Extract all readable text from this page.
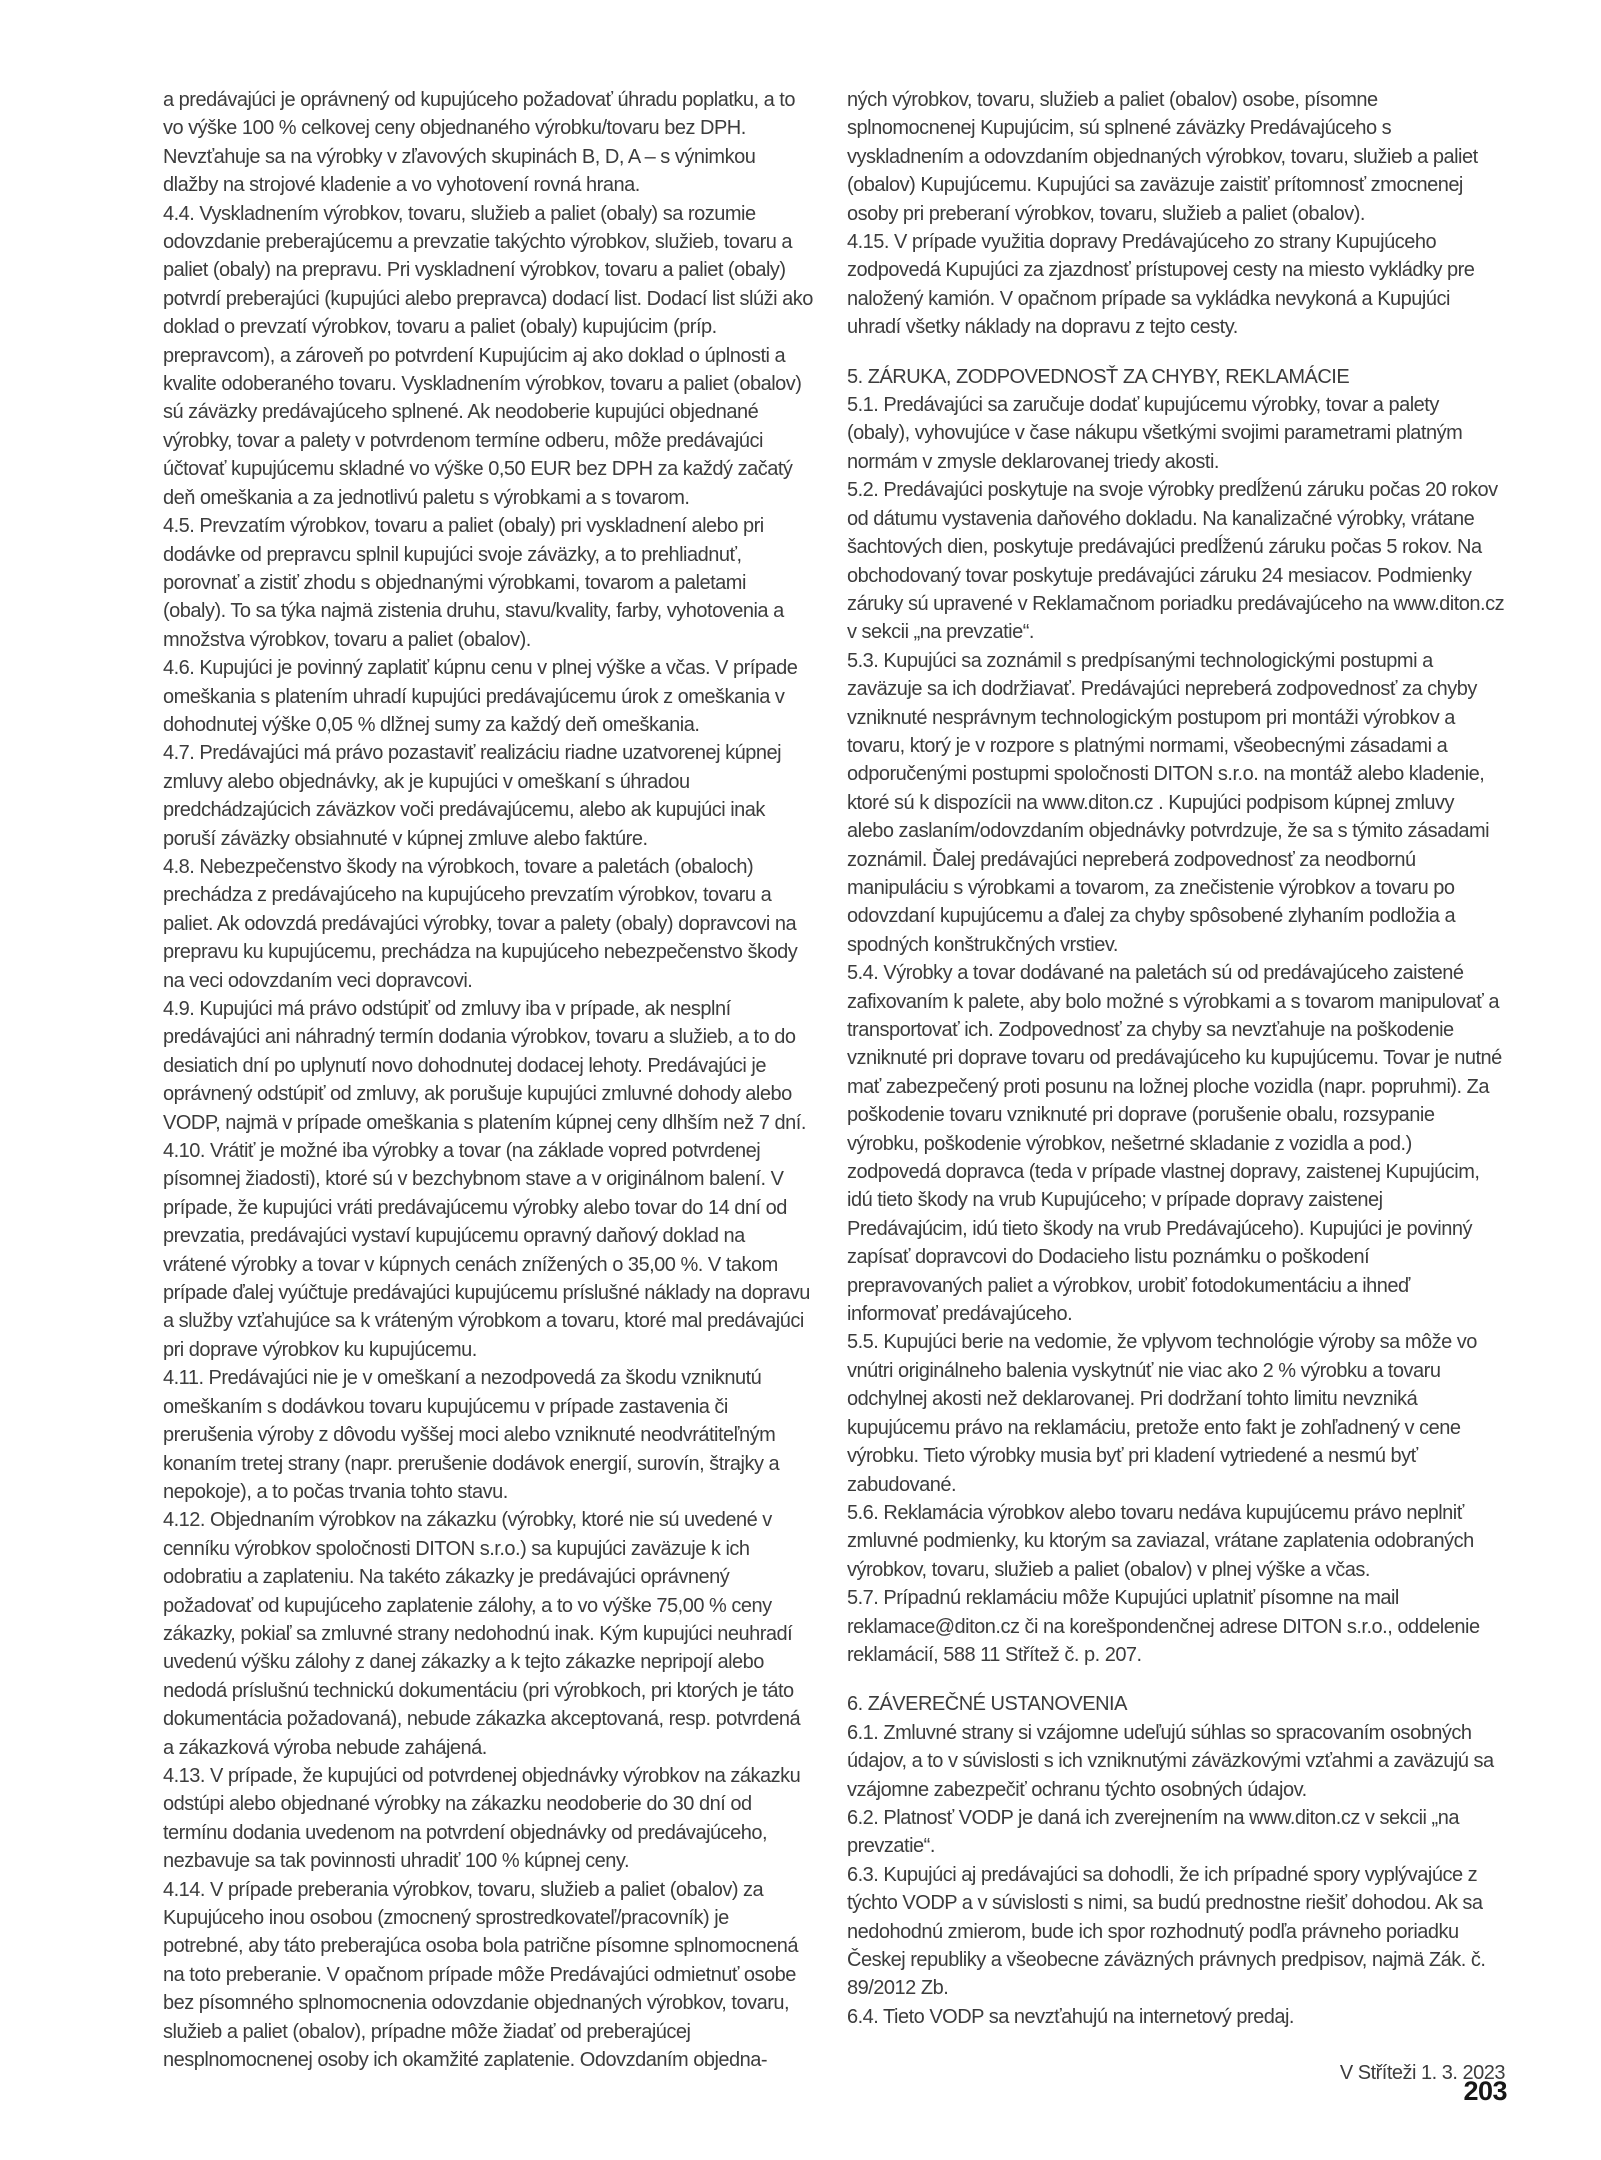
a predávajúci je oprávnený od kupujúceho požadovať úhradu poplatku, a to vo výške 100 % celkovej ceny objednaného výrobku/tovaru bez DPH. Nevzťahuje sa na výrobky v zľavových skupinách B, D, A – s výnimkou dlažby na strojové kladenie a vo vyhotovení rovná hrana.

4.4. Vyskladnením výrobkov, tovaru, služieb a paliet (obaly) sa rozumie odovzdanie preberajúcemu a prevzatie takýchto výrobkov, služieb, tovaru a paliet (obaly) na prepravu. Pri vyskladnení výrobkov, tovaru a paliet (obaly) potvrdí preberajúci (kupujúci alebo prepravca) dodací list. Dodací list slúži ako doklad o prevzatí výrobkov, tovaru a paliet (obaly) kupujúcim (príp. prepravcom), a zároveň po potvrdení Kupujúcim aj ako doklad o úplnosti a kvalite odoberaného tovaru. Vyskladnením výrobkov, tovaru a paliet (obalov) sú záväzky predávajúceho splnené. Ak neodoberie kupujúci objednané výrobky, tovar a palety v potvrdenom termíne odberu, môže predávajúci účtovať kupujúcemu skladné vo výške 0,50 EUR bez DPH za každý začatý deň omeškania a za jednotlivú paletu s výrobkami a s tovarom.

4.5. Prevzatím výrobkov, tovaru a paliet (obaly) pri vyskladnení alebo pri dodávke od prepravcu splnil kupujúci svoje záväzky, a to prehliadnuť, porovnať a zistiť zhodu s objednanými výrobkami, tovarom a paletami (obaly). To sa týka najmä zistenia druhu, stavu/kvality, farby, vyhotovenia a množstva výrobkov, tovaru a paliet (obalov).

4.6. Kupujúci je povinný zaplatiť kúpnu cenu v plnej výške a včas. V prípade omeškania s platením uhradí kupujúci predávajúcemu úrok z omeškania v dohodnutej výške 0,05 % dlžnej sumy za každý deň omeškania.

4.7. Predávajúci má právo pozastaviť realizáciu riadne uzatvorenej kúpnej zmluvy alebo objednávky, ak je kupujúci v omeškaní s úhradou predchádzajúcich záväzkov voči predávajúcemu, alebo ak kupujúci inak poruší záväzky obsiahnuté v kúpnej zmluve alebo faktúre.

4.8. Nebezpečenstvo škody na výrobkoch, tovare a paletách (obaloch) prechádza z predávajúceho na kupujúceho prevzatím výrobkov, tovaru a paliet. Ak odovzdá predávajúci výrobky, tovar a palety (obaly) dopravcovi na prepravu ku kupujúcemu, prechádza na kupujúceho nebezpečenstvo škody na veci odovzdaním veci dopravcovi.

4.9. Kupujúci má právo odstúpiť od zmluvy iba v prípade, ak nesplní predávajúci ani náhradný termín dodania výrobkov, tovaru a služieb, a to do desiatich dní po uplynutí novo dohodnutej dodacej lehoty. Predávajúci je oprávnený odstúpiť od zmluvy, ak porušuje kupujúci zmluvné dohody alebo VODP, najmä v prípade omeškania s platením kúpnej ceny dlhším než 7 dní.

4.10. Vrátiť je možné iba výrobky a tovar (na základe vopred potvrdenej písomnej žiadosti), ktoré sú v bezchybnom stave a v originálnom balení. V prípade, že kupujúci vráti predávajúcemu výrobky alebo tovar do 14 dní od prevzatia, predávajúci vystaví kupujúcemu opravný daňový doklad na vrátené výrobky a tovar v kúpnych cenách znížených o 35,00 %. V takom prípade ďalej vyúčtuje predávajúci kupujúcemu príslušné náklady na dopravu a služby vzťahujúce sa k vráteným výrobkom a tovaru, ktoré mal predávajúci pri doprave výrobkov ku kupujúcemu.

4.11. Predávajúci nie je v omeškaní a nezodpovedá za škodu vzniknutú omeškaním s dodávkou tovaru kupujúcemu v prípade zastavenia či prerušenia výroby z dôvodu vyššej moci alebo vzniknuté neodvrátiteľným konaním tretej strany (napr. prerušenie dodávok energií, surovín, štrajky a nepokoje), a to počas trvania tohto stavu.

4.12. Objednaním výrobkov na zákazku (výrobky, ktoré nie sú uvedené v cenníku výrobkov spoločnosti DITON s.r.o.) sa kupujúci zaväzuje k ich odobratiu a zaplateniu. Na takéto zákazky je predávajúci oprávnený požadovať od kupujúceho zaplatenie zálohy, a to vo výške 75,00 % ceny zákazky, pokiaľ sa zmluvné strany nedohodnú inak. Kým kupujúci neuhradí uvedenú výšku zálohy z danej zákazky a k tejto zákazke nepripojí alebo nedodá príslušnú technickú dokumentáciu (pri výrobkoch, pri ktorých je táto dokumentácia požadovaná), nebude zákazka akceptovaná, resp. potvrdená a zákazková výroba nebude zahájená.

4.13. V prípade, že kupujúci od potvrdenej objednávky výrobkov na zákazku odstúpi alebo objednané výrobky na zákazku neodoberie do 30 dní od termínu dodania uvedenom na potvrdení objednávky od predávajúceho, nezbavuje sa tak povinnosti uhradiť 100 % kúpnej ceny.

4.14. V prípade preberania výrobkov, tovaru, služieb a paliet (obalov) za Kupujúceho inou osobou (zmocnený sprostredkovateľ/pracovník) je potrebné, aby táto preberajúca osoba bola patrične písomne splnomocnená na toto preberanie. V opačnom prípade môže Predávajúci odmietnuť osobe bez písomného splnomocnenia odovzdanie objednaných výrobkov, tovaru, služieb a paliet (obalov), prípadne môže žiadať od preberajúcej nesplnomocnenej osoby ich okamžité zaplatenie. Odovzdaním objedna-

ných výrobkov, tovaru, služieb a paliet (obalov) osobe, písomne splnomocnenej Kupujúcim, sú splnené záväzky Predávajúceho s vyskladnením a odovzdaním objednaných výrobkov, tovaru, služieb a paliet (obalov) Kupujúcemu. Kupujúci sa zaväzuje zaistiť prítomnosť zmocnenej osoby pri preberaní výrobkov, tovaru, služieb a paliet (obalov).

4.15. V prípade využitia dopravy Predávajúceho zo strany Kupujúceho zodpovedá Kupujúci za zjazdnosť prístupovej cesty na miesto vykládky pre naložený kamión. V opačnom prípade sa vykládka nevykoná a Kupujúci uhradí všetky náklady na dopravu z tejto cesty.

5. ZÁRUKA, ZODPOVEDNOSŤ ZA CHYBY, REKLAMÁCIE

5.1. Predávajúci sa zaručuje dodať kupujúcemu výrobky, tovar a palety (obaly), vyhovujúce v čase nákupu všetkými svojimi parametrami platným normám v zmysle deklarovanej triedy akosti.

5.2. Predávajúci poskytuje na svoje výrobky predĺženú záruku počas 20 rokov od dátumu vystavenia daňového dokladu. Na kanalizačné výrobky, vrátane šachtových dien, poskytuje predávajúci predĺženú záruku počas 5 rokov. Na obchodovaný tovar poskytuje predávajúci záruku 24 mesiacov. Podmienky záruky sú upravené v Reklamačnom poriadku predávajúceho na www.diton.cz v sekcii „na prevzatie“.

5.3. Kupujúci sa zoznámil s predpísanými technologickými postupmi a zaväzuje sa ich dodržiavať. Predávajúci nepreberá zodpovednosť za chyby vzniknuté nesprávnym technologickým postupom pri montáži výrobkov a tovaru, ktorý je v rozpore s platnými normami, všeobecnými zásadami a odporučenými postupmi spoločnosti DITON s.r.o. na montáž alebo kladenie, ktoré sú k dispozícii na www.diton.cz . Kupujúci podpisom kúpnej zmluvy alebo zaslaním/odovzdaním objednávky potvrdzuje, že sa s týmito zásadami zoznámil. Ďalej predávajúci nepreberá zodpovednosť za neodbornú manipuláciu s výrobkami a tovarom, za znečistenie výrobkov a tovaru po odovzdaní kupujúcemu a ďalej za chyby spôsobené zlyhaním podložia a spodných konštrukčných vrstiev.

5.4. Výrobky a tovar dodávané na paletách sú od predávajúceho zaistené zafixovaním k palete, aby bolo možné s výrobkami a s tovarom manipulovať a transportovať ich. Zodpovednosť za chyby sa nevzťahuje na poškodenie vzniknuté pri doprave tovaru od predávajúceho ku kupujúcemu. Tovar je nutné mať zabezpečený proti posunu na ložnej ploche vozidla (napr. popruhmi). Za poškodenie tovaru vzniknuté pri doprave (porušenie obalu, rozsypanie výrobku, poškodenie výrobkov, nešetrné skladanie z vozidla a pod.) zodpovedá dopravca (teda v prípade vlastnej dopravy, zaistenej Kupujúcim, idú tieto škody na vrub Kupujúceho; v prípade dopravy zaistenej Predávajúcim, idú tieto škody na vrub Predávajúceho). Kupujúci je povinný zapísať dopravcovi do Dodacieho listu poznámku o poškodení prepravovaných paliet a výrobkov, urobiť fotodokumentáciu a ihneď informovať predávajúceho.

5.5. Kupujúci berie na vedomie, že vplyvom technológie výroby sa môže vo vnútri originálneho balenia vyskytnúť nie viac ako 2 % výrobku a tovaru odchylnej akosti než deklarovanej. Pri dodržaní tohto limitu nevzniká kupujúcemu právo na reklamáciu, pretože ento fakt je zohľadnený v cene výrobku. Tieto výrobky musia byť pri kladení vytriedené a nesmú byť zabudované.

5.6. Reklamácia výrobkov alebo tovaru nedáva kupujúcemu právo neplniť zmluvné podmienky, ku ktorým sa zaviazal, vrátane zaplatenia odobraných výrobkov, tovaru, služieb a paliet (obalov) v plnej výške a včas.

5.7. Prípadnú reklamáciu môže Kupujúci uplatniť písomne na mail reklamace@diton.cz či na korešpondenčnej adrese DITON s.r.o., oddelenie reklamácií, 588 11 Střítež č. p. 207.

6. ZÁVEREČNÉ USTANOVENIA

6.1. Zmluvné strany si vzájomne udeľujú súhlas so spracovaním osobných údajov, a to v súvislosti s ich vzniknutými záväzkovými vzťahmi a zaväzujú sa vzájomne zabezpečiť ochranu týchto osobných údajov.

6.2. Platnosť VODP je daná ich zverejnením na www.diton.cz v sekcii „na prevzatie“.

6.3. Kupujúci aj predávajúci sa dohodli, že ich prípadné spory vyplývajúce z týchto VODP a v súvislosti s nimi, sa budú prednostne riešiť dohodou. Ak sa nedohodnú zmierom, bude ich spor rozhodnutý podľa právneho poriadku Českej republiky a všeobecne záväzných právnych predpisov, najmä Zák. č. 89/2012 Zb.

6.4. Tieto VODP sa nevzťahujú na internetový predaj.

V Stříteži 1. 3. 2023

203
